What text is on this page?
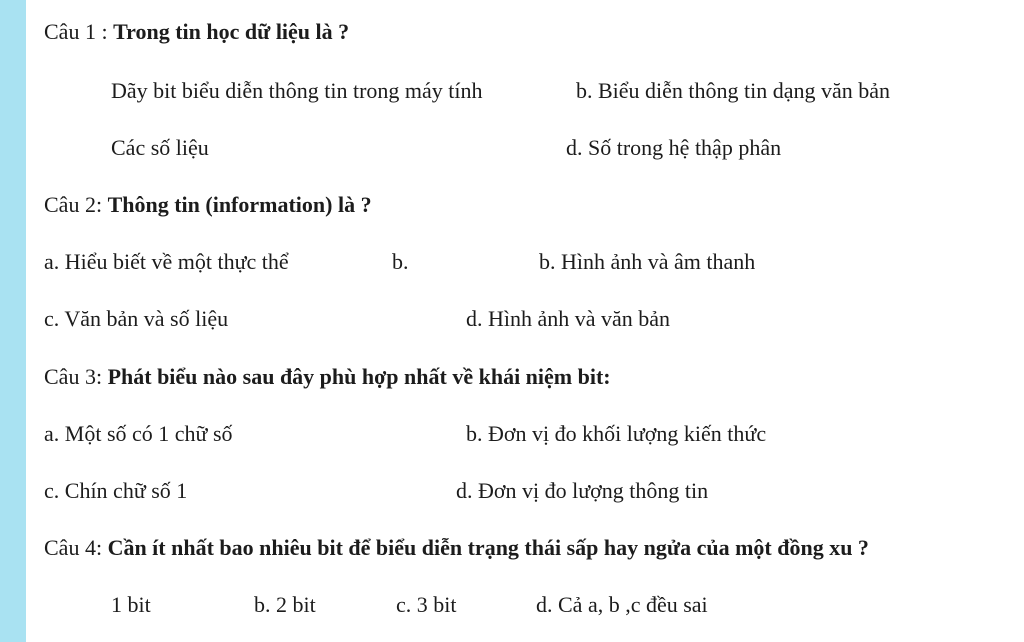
Câu 1 : Trong tin học dữ liệu là ?
Dãy bit biểu diễn thông tin trong máy tính	b. Biểu diễn thông tin dạng văn bản
Các số liệu	d. Số trong hệ thập phân
Câu 2: Thông tin (information) là ?
a. Hiểu biết về một thực thể	b.	b. Hình ảnh và âm thanh
c. Văn bản và số liệu	d. Hình ảnh và văn bản
Câu 3: Phát biểu nào sau đây phù hợp nhất về khái niệm bit:
a. Một số có 1 chữ số	b. Đơn vị đo khối lượng kiến thức
c. Chín chữ số 1	d. Đơn vị đo lượng thông tin
Câu 4: Cần ít nhất bao nhiêu bit để biểu diễn trạng thái sấp hay ngửa của một đồng xu ?
1 bit	b. 2 bit	c. 3 bit	d. Cả a, b ,c đều sai
